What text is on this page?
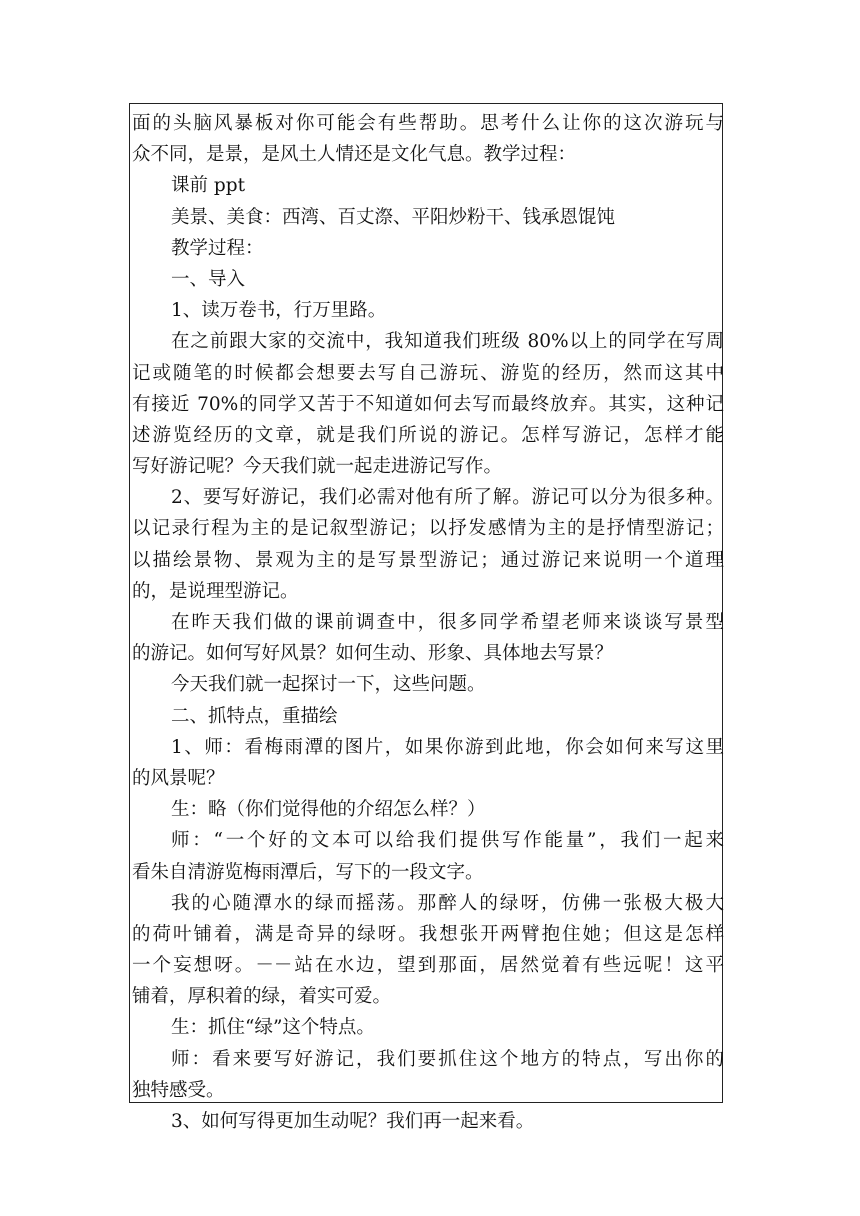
面的头脑风暴板对你可能会有些帮助。思考什么让你的这次游玩与
众不同，是景，是风土人情还是文化气息。教学过程：
课前 ppt
美景、美食：西湾、百丈漈、平阳炒粉干、钱承恩馄饨
教学过程：
一、导入
1、读万卷书，行万里路。
在之前跟大家的交流中，我知道我们班级 80%以上的同学在写周
记或随笔的时候都会想要去写自己游玩、游览的经历，然而这其中
有接近 70%的同学又苦于不知道如何去写而最终放弃。其实，这种记
述游览经历的文章，就是我们所说的游记。怎样写游记，怎样才能
写好游记呢？今天我们就一起走进游记写作。
2、要写好游记，我们必需对他有所了解。游记可以分为很多种。
以记录行程为主的是记叙型游记；以抒发感情为主的是抒情型游记；
以描绘景物、景观为主的是写景型游记；通过游记来说明一个道理
的，是说理型游记。
在昨天我们做的课前调查中，很多同学希望老师来谈谈写景型
的游记。如何写好风景？如何生动、形象、具体地去写景？
今天我们就一起探讨一下，这些问题。
二、抓特点，重描绘
1、师：看梅雨潭的图片，如果你游到此地，你会如何来写这里
的风景呢？
生：略（你们觉得他的介绍怎么样？）
师：“一个好的文本可以给我们提供写作能量”，我们一起来
看朱自清游览梅雨潭后，写下的一段文字。
我的心随潭水的绿而摇荡。那醉人的绿呀，仿佛一张极大极大
的荷叶铺着，满是奇异的绿呀。我想张开两臂抱住她；但这是怎样
一个妄想呀。－－站在水边，望到那面，居然觉着有些远呢！这平
铺着，厚积着的绿，着实可爱。
生：抓住“绿”这个特点。
师：看来要写好游记，我们要抓住这个地方的特点，写出你的
独特感受。
3、如何写得更加生动呢？我们再一起来看。
